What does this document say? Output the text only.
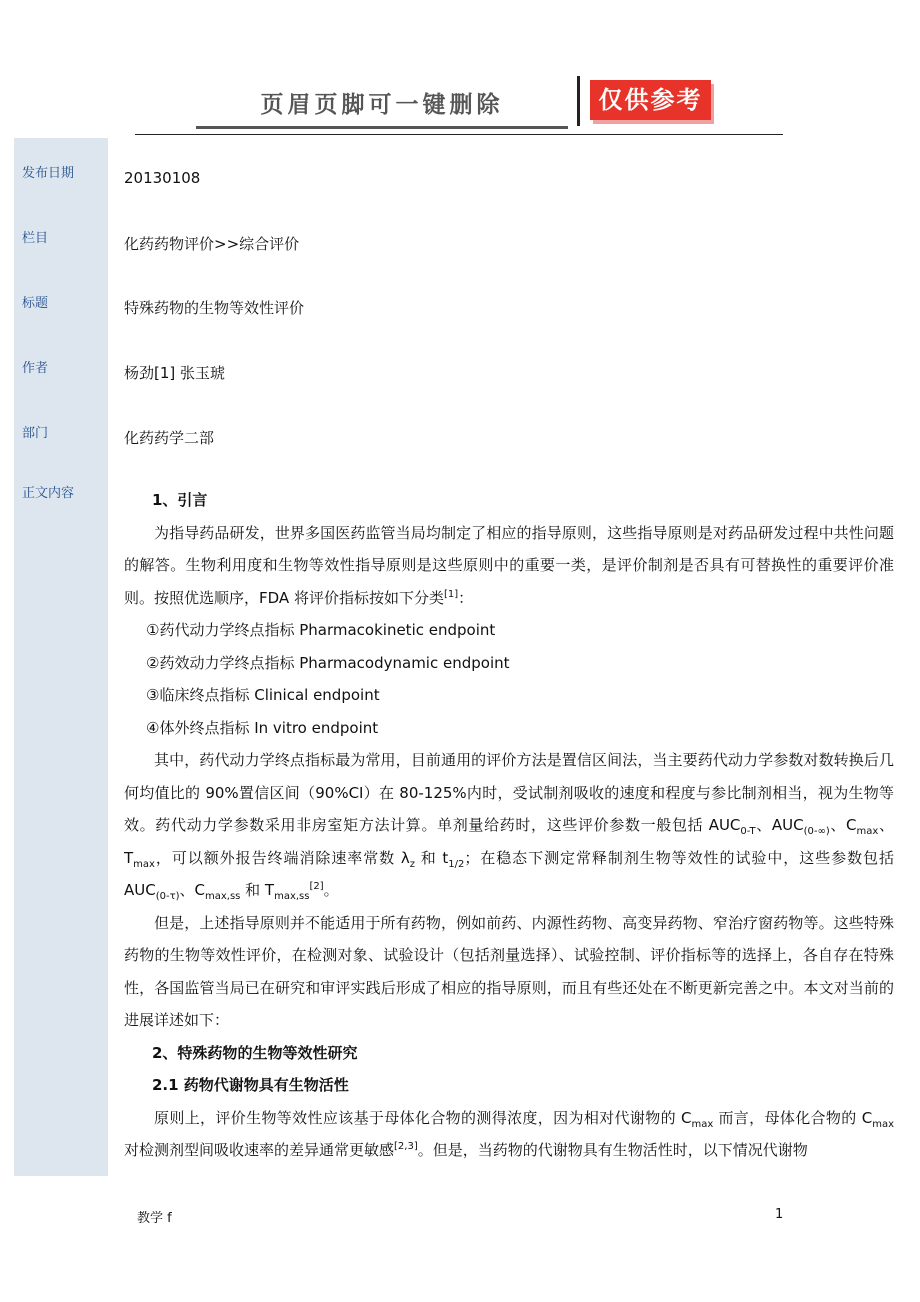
页眉页脚可一键删除	仅供参考
发布日期	20130108
栏目	化药药物评价>>综合评价
标题	特殊药物的生物等效性评价
作者	杨劲[1] 张玉琥
部门	化药药学二部
正文内容	1、引言

为指导药品研发，世界多国医药监管当局均制定了相应的指导原则，这些指导原则是对药品研发过程中共性问题的解答。生物利用度和生物等效性指导原则是这些原则中的重要一类，是评价制剂是否具有可替换性的重要评价准则。按照优选顺序，FDA 将评价指标按如下分类[1]：

①药代动力学终点指标 Pharmacokinetic endpoint

②药效动力学终点指标 Pharmacodynamic endpoint

③临床终点指标 Clinical endpoint

④体外终点指标 In vitro endpoint

其中，药代动力学终点指标最为常用，目前通用的评价方法是置信区间法，当主要药代动力学参数对数转换后几何均值比的 90%置信区间（90%CI）在 80-125%内时，受试制剂吸收的速度和程度与参比制剂相当，视为生物等效。药代动力学参数采用非房室矩方法计算。单剂量给药时，这些评价参数一般包括 $AUC_{0-T}$、$AUC_{(0-\infty)}$、$C_{max}$、$T_{max}$，可以额外报告终端消除速率常数 $\lambda_z$ 和 $t_{1/2}$；在稳态下测定常释制剂生物等效性的试验中，这些参数包括 $AUC_{(0-\tau)}$、$C_{max,ss}$ 和 $T_{max,ss}[2]$。

但是，上述指导原则并不能适用于所有药物，例如前药、内源性药物、高变异药物、窄治疗窗药物等。这些特殊药物的生物等效性评价，在检测对象、试验设计（包括剂量选择）、试验控制、评价指标等的选择上，各自存在特殊性，各国监管当局已在研究和审评实践后形成了相应的指导原则，而且有些还处在不断更新完善之中。本文对当前的进展详述如下：

2、特殊药物的生物等效性研究

2.1 药物代谢物具有生物活性

原则上，评价生物等效性应该基于母体化合物的测得浓度，因为相对代谢物的 $C_{max}$ 而言，母体化合物的 $C_{max}$ 对检测剂型间吸收速率的差异通常更敏感[2,3]。但是，当药物的代谢物具有生物活性时，以下情况代谢物

教学 f	1
